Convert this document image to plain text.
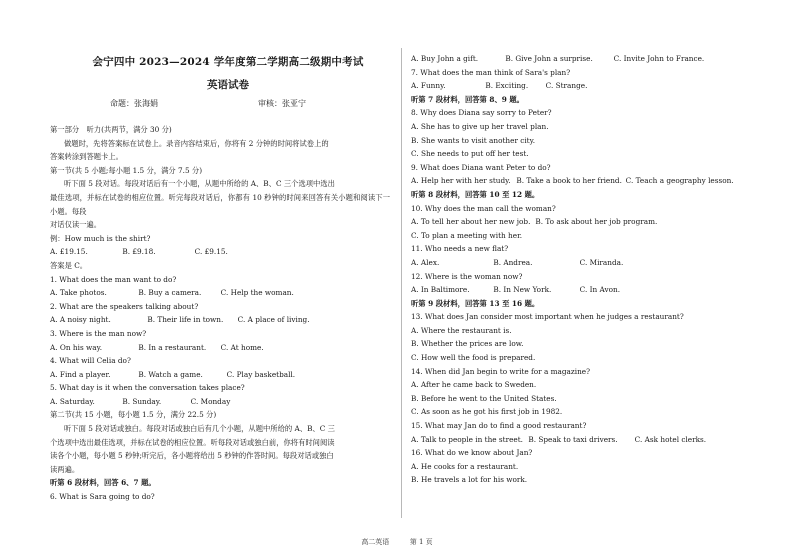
会宁四中 2023—2024 学年度第二学期高二级期中考试
英语试卷
命题：张海娟	审核：张亚宁
第一部分　听力(共两节，满分 30 分)
做题时，先将答案标在试卷上。录音内容结束后，你将有 2 分钟的时间将试卷上的
答案转涂到答题卡上。
第一节(共 5 小题;每小题 1.5 分，满分 7.5 分)
听下面 5 段对话。每段对话后有一个小题，从题中所给的 A、B、C 三个选项中选出
最佳选项，并标在试卷的相应位置。听完每段对话后，你都有 10 秒钟的时间来回答有关小题和阅读下一小题。每段
对话仅读一遍。
例：How much is the shirt?
A. £19.15.	B. £9.18.	C. £9.15.
答案是 C。
1. What does the man want to do?
A. Take photos.	B. Buy a camera.	C. Help the woman.
2. What are the speakers talking about?
A. A noisy night.	B. Their life in town. C. A place of living.
3. Where is the man now?
A. On his way.	B. In a restaurant. C. At home.
4. What will Celia do?
A. Find a player.	B. Watch a game.	C. Play basketball.
5. What day is it when the conversation takes place?
A. Saturday.	B. Sunday.	C. Monday
第二节(共 15 小题，每小题 1.5 分，满分 22.5 分)
听下面 5 段对话或独白。每段对话或独白后有几个小题，从题中所给的 A、B、C 三
个选项中选出最佳选项，并标在试卷的相应位置。听每段对话或独白前，你将有时间阅读
读各个小题，每小题 5 秒钟;听完后，各小题将给出 5 秒钟的作答时间。每段对话或独白
读两遍。
听第 6 段材料，回答 6、7 题。
6. What is Sara going to do?
A. Buy John a gift.	B. Give John a surprise.	C. Invite John to France.
7. What does the man think of Sara's plan?
A. Funny.	B. Exciting. C. Strange.
听第 7 段材料，回答第 8、9 题。
8. Why does Diana say sorry to Peter?
A. She has to give up her travel plan.
B. She wants to visit another city.
C. She needs to put off her test.
9. What does Diana want Peter to do?
A. Help her with her study. B. Take a book to her friend. C. Teach a geography lesson.
听第 8 段材料，回答第 10 至 12 题。
10. Why does the man call the woman?
A. To tell her about her new job. B. To ask about her job program.
C. To plan a meeting with her.
11. Who needs a new flat?
A. Alex.	B. Andrea.	C. Miranda.
12. Where is the woman now?
A. In Baltimore.	B. In New York.	C. In Avon.
听第 9 段材料，回答第 13 至 16 题。
13. What does Jan consider most important when he judges a restaurant?
A. Where the restaurant is.
B. Whether the prices are low.
C. How well the food is prepared.
14. When did Jan begin to write for a magazine?
A. After he came back to Sweden.
B. Before he went to the United States.
C. As soon as he got his first job in 1982.
15. What may Jan do to find a good restaurant?
A. Talk to people in the street. B. Speak to taxi drivers. C. Ask hotel clerks.
16. What do we know about Jan?
A. He cooks for a restaurant.
B. He travels a lot for his work.
高二英语	第 1 页
